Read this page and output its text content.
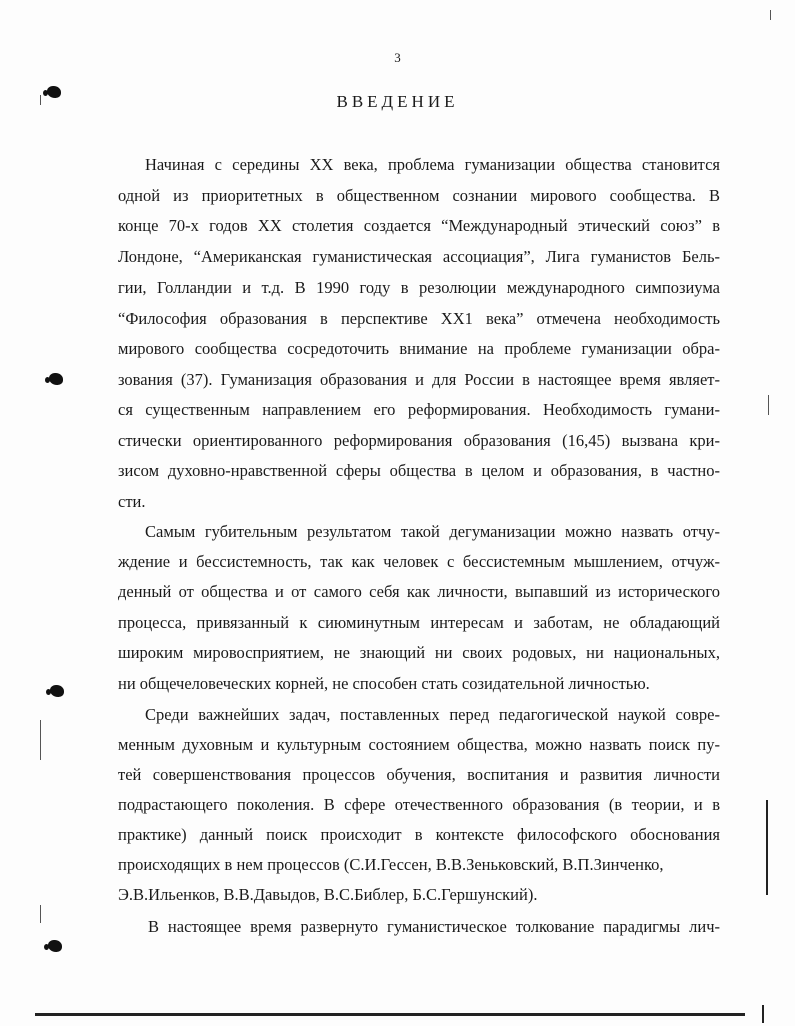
3
ВВЕДЕНИЕ
Начиная с середины XX века, проблема гуманизации общества становится
одной из приоритетных в общественном сознании мирового сообщества. В
конце 70-х годов XX столетия создается “Международный этический союз” в
Лондоне, “Американская гуманистическая ассоциация”, Лига гуманистов Бель-
гии, Голландии и т.д. В 1990 году в резолюции международного симпозиума
“Философия образования в перспективе XX1 века” отмечена необходимость
мирового сообщества сосредоточить внимание на проблеме гуманизации обра-
зования (37). Гуманизация образования и для России в настоящее время являет-
ся существенным направлением его реформирования. Необходимость гумани-
стически ориентированного реформирования образования (16,45) вызвана кри-
зисом духовно-нравственной сферы общества в целом и образования, в частно-
сти.
Самым губительным результатом такой дегуманизации можно назвать отчу-
ждение и бессистемность, так как человек с бессистемным мышлением, отчуж-
денный от общества и от самого себя как личности, выпавший из исторического
процесса, привязанный к сиюминутным интересам и заботам, не обладающий
широким мировосприятием, не знающий ни своих родовых, ни национальных,
ни общечеловеческих корней, не способен стать созидательной личностью.
Среди важнейших задач, поставленных перед педагогической наукой совре-
менным духовным и культурным состоянием общества, можно назвать поиск пу-
тей совершенствования процессов обучения, воспитания и развития личности
подрастающего поколения. В сфере отечественного образования (в теории, и в
практике) данный поиск происходит в контексте философского обоснования
происходящих в нем процессов (С.И.Гессен, В.В.Зеньковский, В.П.Зинченко,
Э.В.Ильенков, В.В.Давыдов, В.С.Библер, Б.С.Гершунский).
В настоящее время развернуто гуманистическое толкование парадигмы лич-
